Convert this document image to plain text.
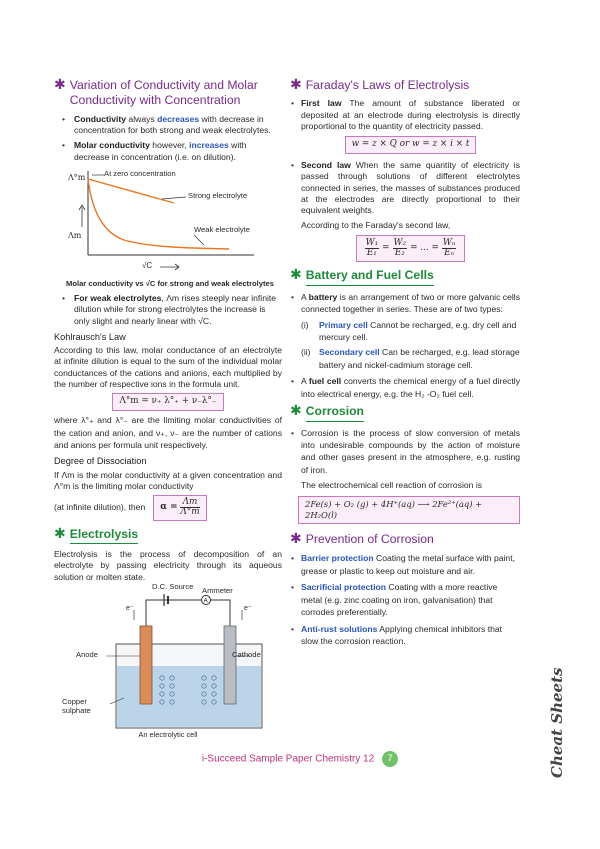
✱ Variation of Conductivity and Molar
Conductivity with Concentration
• Conductivity always decreases with decrease in concentration for both strong and weak electrolytes.
• Molar conductivity however, increases with decrease in concentration (i.e. on dilution).
At zero concentration
Strong electrolyte
Weak electrolyte
Λ°m
Λm
√C
Molar conductivity vs √C for strong and weak electrolytes
• For weak electrolytes, Λm rises steeply near infinite dilution while for strong electrolytes the increase is only slight and nearly linear with √C.
Kohlrausch's Law

According to this law, molar conductance of an electrolyte at infinite dilution is equal to the sum of the individual molar conductances of the cations and anions, each multiplied by the number of respective ions in the formula unit.

Λ°m = ν₊ λ°₊ + ν₋λ°₋

where λ°₊ and λ°₋ are the limiting molar conductivities of the cation and anion, and ν₊, ν₋ are the number of cations and anions per formula unit respectively.

Degree of Dissociation

If Λm is the molar conductivity at a given concentration and Λ°m is the limiting molar conductivity

(at infinite dilution), then $\alpha = \frac{\Lambda m}{\Lambda^\circ m}$
✱ Electrolysis

Electrolysis is the process of decomposition of an electrolyte by passing electricity through its aqueous solution or molten state.

A
D.C. Source Ammeter
e⁻	e⁻
Anode	Cathode
Copper
sulphate
An electrolytic cell
✱ Faraday's Laws of Electrolysis

• First law The amount of substance liberated or deposited at an electrode during electrolysis is directly proportional to the quantity of electricity passed.

w = z × Q or w = z × i × t

• Second law When the same quantity of electricity is passed through solutions of different electrolytes connected in series, the masses of substances produced at the electrodes are directly proportional to their equivalent weights.

According to the Faraday's second law,

$\frac{\text{W₁}}{\text{E₁}} = \frac{\text{W₂}}{\text{E₂}}$ = ... = $\frac{\text{Wₙ}}{\text{Eₙ}}$
✱ Battery and Fuel Cells

• A battery is an arrangement of two or more galvanic cells connected together in series. These are of two types:

(i)	Primary cell Cannot be recharged, e.g. dry cell and mercury cell.
(ii) Secondary cell Can be recharged, e.g. lead storage battery and nickel-cadmium storage cell.

• A fuel cell converts the chemical energy of a fuel directly into electrical energy, e.g. the H₂ -O₂ fuel cell.

✱ Corrosion

• Corrosion is the process of slow conversion of metals into undesirable compounds by the action of moisture and other gases present in the atmosphere, e.g. rusting of iron.

The electrochemical cell reaction of corrosion is

2Fe(s) + O₂ (g) + 4H⁺(aq) ⟶ 2Fe²⁺(aq) + 2H₂O(l)
✱ Prevention of Corrosion
• Barrier protection Coating the metal surface with paint, grease or plastic to keep out moisture and air.
• Sacrificial protection Coating with a more reactive metal (e.g. zinc coating on iron, galvanisation) that corrodes preferentially.
• Anti-rust solutions Applying chemical inhibitors that slow the corrosion reaction.
Cheat Sheets
i-Succeed Sample Paper Chemistry 12 7
